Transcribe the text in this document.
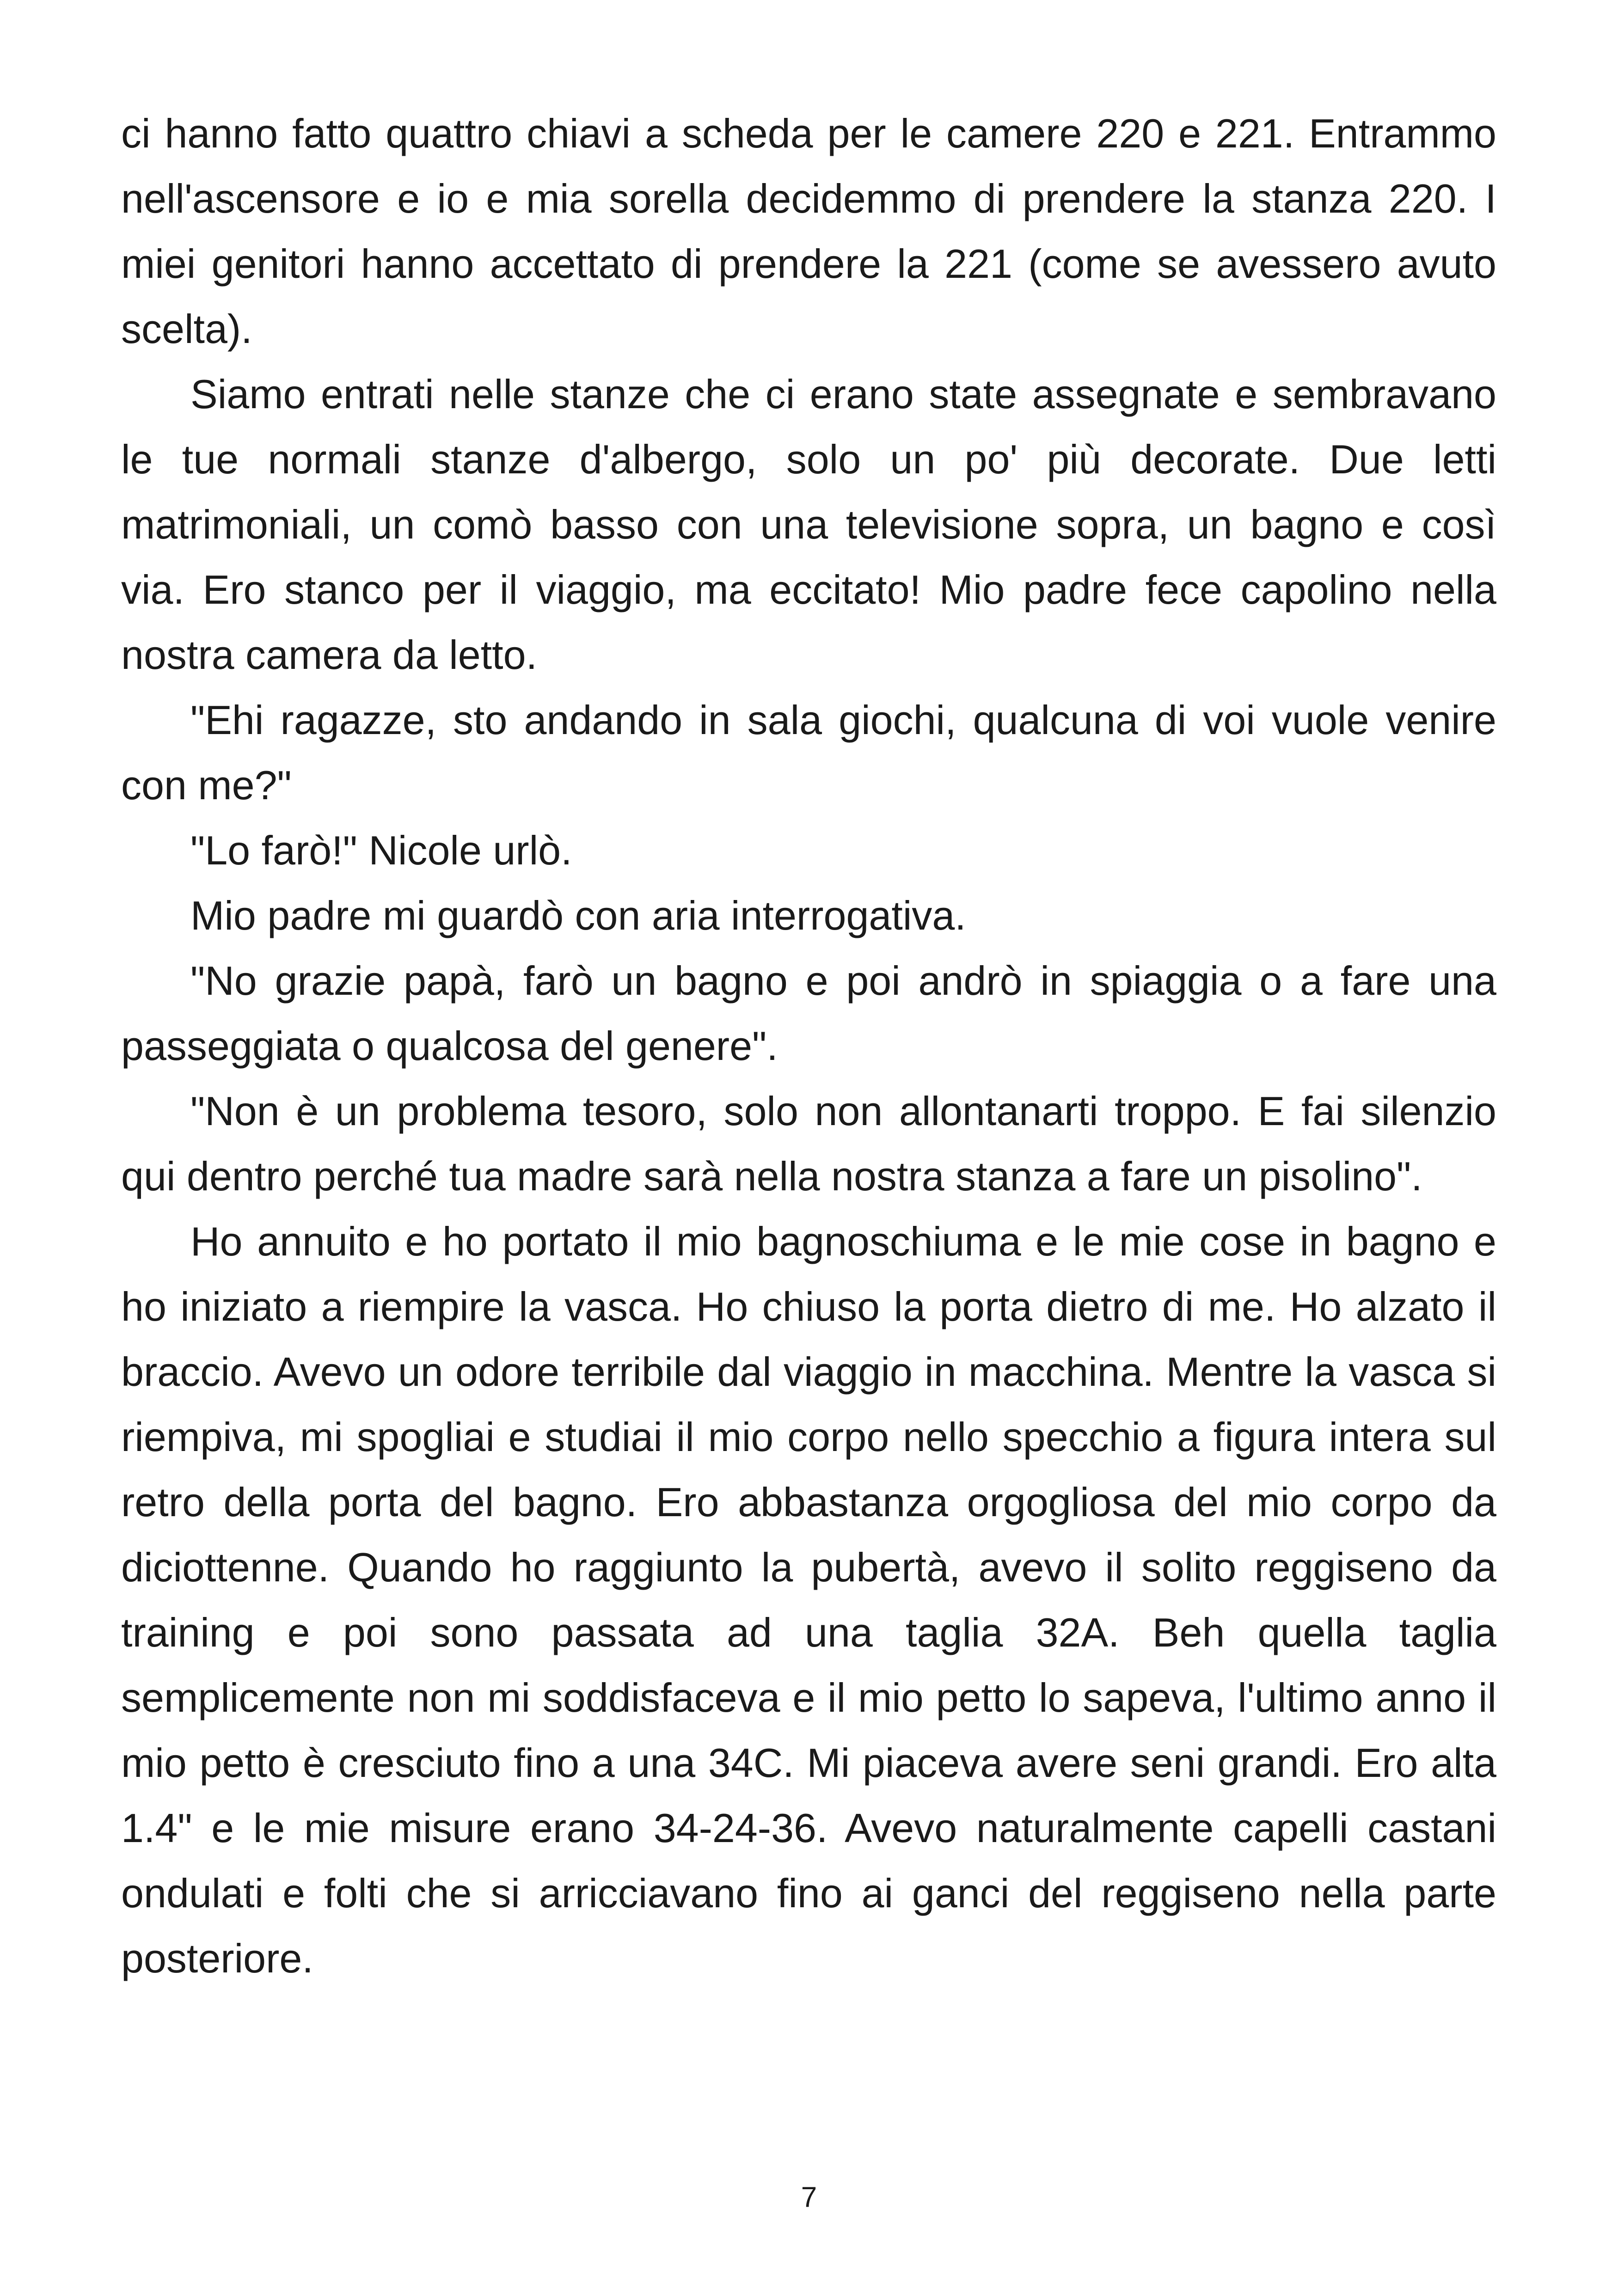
ci hanno fatto quattro chiavi a scheda per le camere 220 e 221. Entrammo nell'ascensore e io e mia sorella decidemmo di prendere la stanza 220. I miei genitori hanno accettato di prendere la 221 (come se avessero avuto scelta).

Siamo entrati nelle stanze che ci erano state assegnate e sembravano le tue normali stanze d'albergo, solo un po' più decorate. Due letti matrimoniali, un comò basso con una televisione sopra, un bagno e così via. Ero stanco per il viaggio, ma eccitato! Mio padre fece capolino nella nostra camera da letto.

"Ehi ragazze, sto andando in sala giochi, qualcuna di voi vuole venire con me?"

"Lo farò!" Nicole urlò.

Mio padre mi guardò con aria interrogativa.

"No grazie papà, farò un bagno e poi andrò in spiaggia o a fare una passeggiata o qualcosa del genere".

"Non è un problema tesoro, solo non allontanarti troppo. E fai silenzio qui dentro perché tua madre sarà nella nostra stanza a fare un pisolino".

Ho annuito e ho portato il mio bagnoschiuma e le mie cose in bagno e ho iniziato a riempire la vasca. Ho chiuso la porta dietro di me. Ho alzato il braccio. Avevo un odore terribile dal viaggio in macchina. Mentre la vasca si riempiva, mi spogliai e studiai il mio corpo nello specchio a figura intera sul retro della porta del bagno. Ero abbastanza orgogliosa del mio corpo da diciottenne. Quando ho raggiunto la pubertà, avevo il solito reggiseno da training e poi sono passata ad una taglia 32A. Beh quella taglia semplicemente non mi soddisfaceva e il mio petto lo sapeva, l'ultimo anno il mio petto è cresciuto fino a una 34C. Mi piaceva avere seni grandi. Ero alta 1.4" e le mie misure erano 34-24-36. Avevo naturalmente capelli castani ondulati e folti che si arricciavano fino ai ganci del reggiseno nella parte posteriore.

7
